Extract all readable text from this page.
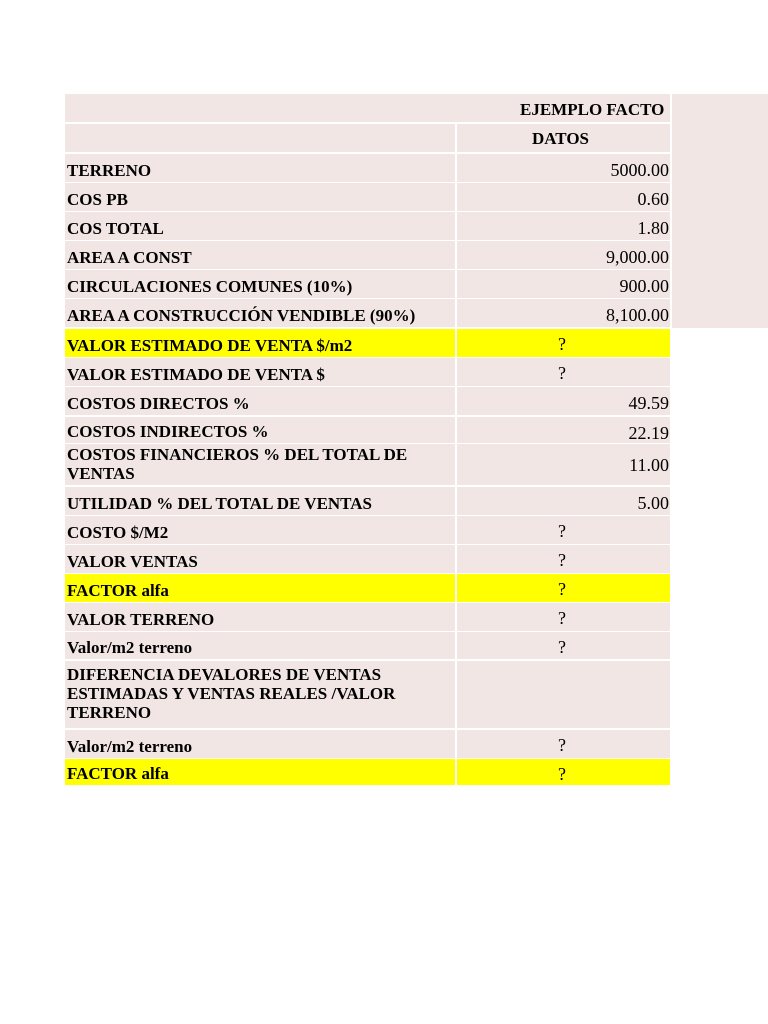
EJEMPLO FACTO
DATOS
TERRENO	5000.00
COS PB	0.60
COS TOTAL	1.80
AREA A CONST	9,000.00
CIRCULACIONES COMUNES (10%)	900.00
AREA A CONSTRUCCIÓN VENDIBLE (90%)	8,100.00
VALOR ESTIMADO DE VENTA $/m2	?
VALOR ESTIMADO DE VENTA $	?
COSTOS DIRECTOS %	49.59
COSTOS INDIRECTOS %	22.19
COSTOS FINANCIEROS % DEL TOTAL DE
VENTAS	11.00
UTILIDAD % DEL TOTAL DE VENTAS	5.00
COSTO $/M2	?
VALOR VENTAS	?
FACTOR alfa	?
VALOR TERRENO	?
Valor/m2 terreno	?
DIFERENCIA DEVALORES DE VENTAS
ESTIMADAS Y VENTAS REALES /VALOR
TERRENO
Valor/m2 terreno	?
FACTOR alfa	?
